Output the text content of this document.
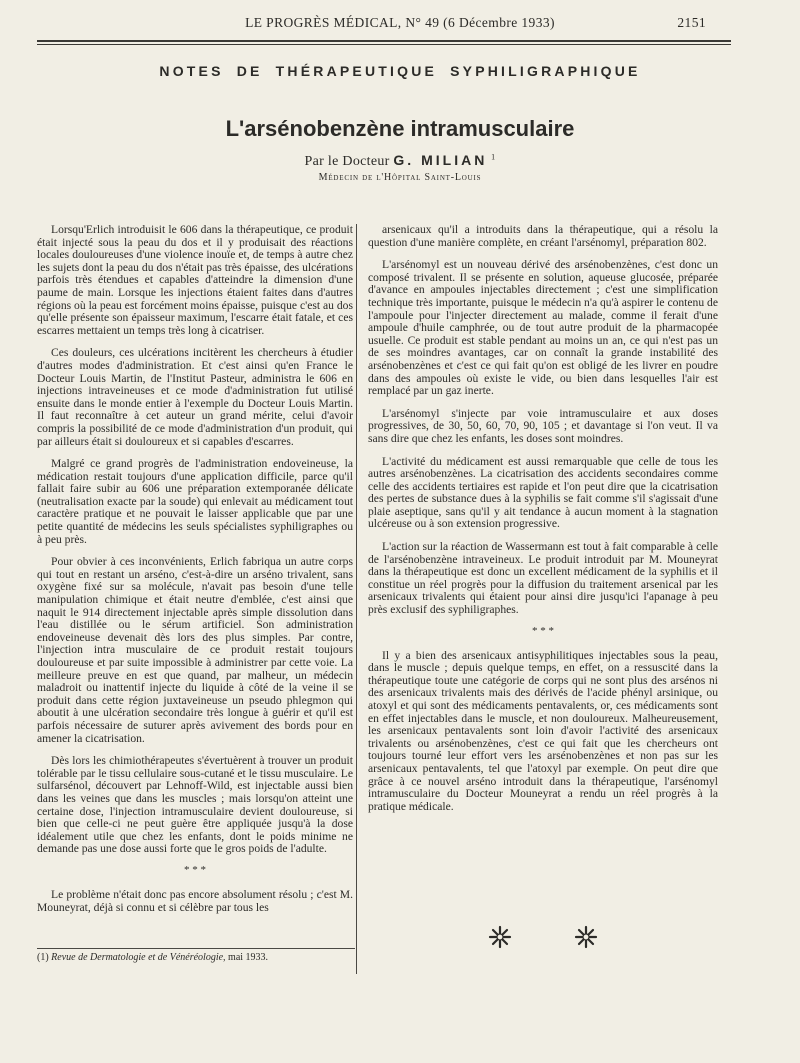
LE PROGRÈS MÉDICAL, N° 49 (6 Décembre 1933)	2151
NOTES DE THÉRAPEUTIQUE SYPHILIGRAPHIQUE
L'arsénobenzène intramusculaire
Par le Docteur G. MILIAN $^1$
Médecin de l'Hôpital Saint-Louis

Lorsqu'Erlich introduisit le 606 dans la thérapeutique, ce produit était injecté sous la peau du dos et il y produisait des réactions locales douloureuses d'une violence inouïe et, de temps à autre chez les sujets dont la peau du dos n'était pas très épaisse, des ulcérations parfois très étendues et capables d'atteindre la dimension d'une paume de main. Lorsque les injections étaient faites dans d'autres régions où la peau est forcément moins épaisse, puisque c'est au dos qu'elle présente son épaisseur maximum, l'escarre était fatale, et ces escarres mettaient un temps très long à cicatriser.

Ces douleurs, ces ulcérations incitèrent les chercheurs à étudier d'autres modes d'administration. Et c'est ainsi qu'en France le Docteur Louis Martin, de l'Institut Pasteur, administra le 606 en injections intraveineuses et ce mode d'administration fut utilisé ensuite dans le monde entier à l'exemple du Docteur Louis Martin. Il faut reconnaître à cet auteur un grand mérite, celui d'avoir compris la possibilité de ce mode d'administration d'un produit, qui par ailleurs était si douloureux et si capables d'escarres.

Malgré ce grand progrès de l'administration endoveineuse, la médication restait toujours d'une application difficile, parce qu'il fallait faire subir au 606 une préparation extemporanée délicate (neutralisation exacte par la soude) qui enlevait au médicament tout caractère pratique et ne pouvait le laisser applicable que par une petite quantité de médecins les seuls spécialistes syphiligraphes ou à peu près.

Pour obvier à ces inconvénients, Erlich fabriqua un autre corps qui tout en restant un arséno, c'est-à-dire un arséno trivalent, sans oxygène fixé sur sa molécule, n'avait pas besoin d'une telle manipulation chimique et était neutre d'emblée, c'est ainsi que naquit le 914 directement injectable après simple dissolution dans l'eau distillée ou le sérum artificiel. Son administration endoveineuse devenait dès lors des plus simples. Par contre, l'injection intra musculaire de ce produit restait toujours douloureuse et par suite impossible à administrer par cette voie. La meilleure preuve en est que quand, par malheur, un médecin maladroit ou inattentif injecte du liquide à côté de la veine il se produit dans cette région juxtaveineuse un pseudo phlegmon qui aboutit à une ulcération secondaire très longue à guérir et qu'il est parfois nécessaire de suturer après avivement des bords pour en amener la cicatrisation.

Dès lors les chimiothérapeutes s'évertuèrent à trouver un produit tolérable par le tissu cellulaire sous-cutané et le tissu musculaire. Le sulfarsénol, découvert par Lehnoff-Wild, est injectable aussi bien dans les veines que dans les muscles ; mais lorsqu'on atteint une certaine dose, l'injection intramusculaire devient douloureuse, si bien que celle-ci ne peut guère être appliquée jusqu'à la dose idéalement utile que chez les enfants, dont le poids minime ne demande pas une dose aussi forte que le gros poids de l'adulte.

* * *

Le problème n'était donc pas encore absolument résolu ; c'est M. Mouneyrat, déjà si connu et si célèbre par tous les

arsenicaux qu'il a introduits dans la thérapeutique, qui a résolu la question d'une manière complète, en créant l'arsénomyl, préparation 802.

L'arsénomyl est un nouveau dérivé des arsénobenzènes, c'est donc un composé trivalent. Il se présente en solution, aqueuse glucosée, préparée d'avance en ampoules injectables directement ; c'est une simplification technique très importante, puisque le médecin n'a qu'à aspirer le contenu de l'ampoule pour l'injecter directement au malade, comme il ferait d'une ampoule d'huile camphrée, ou de tout autre produit de la pharmacopée usuelle. Ce produit est stable pendant au moins un an, ce qui n'est pas un de ses moindres avantages, car on connaît la grande instabilité des arsénobenzènes et c'est ce qui fait qu'on est obligé de les livrer en poudre dans des ampoules où existe le vide, ou bien dans lesquelles l'air est remplacé par un gaz inerte.

L'arsénomyl s'injecte par voie intramusculaire et aux doses progressives, de 30, 50, 60, 70, 90, 105 ; et davantage si l'on veut. Il va sans dire que chez les enfants, les doses sont moindres.

L'activité du médicament est aussi remarquable que celle de tous les autres arsénobenzènes. La cicatrisation des accidents secondaires comme celle des accidents tertiaires est rapide et l'on peut dire que la cicatrisation des pertes de substance dues à la syphilis se fait comme s'il s'agissait d'une plaie aseptique, sans qu'il y ait tendance à aucun moment à la stagnation ulcéreuse ou à son extension progressive.

L'action sur la réaction de Wassermann est tout à fait comparable à celle de l'arsénobenzène intraveineux. Le produit introduit par M. Mouneyrat dans la thérapeutique est donc un excellent médicament de la syphilis et il constitue un réel progrès pour la diffusion du traitement arsenical par les arsenicaux trivalents qui étaient pour ainsi dire jusqu'ici l'apanage à peu près exclusif des syphiligraphes.

* * *

Il y a bien des arsenicaux antisyphilitiques injectables sous la peau, dans le muscle ; depuis quelque temps, en effet, on a ressuscité dans la thérapeutique toute une catégorie de corps qui ne sont plus des arsénos ni des arsenicaux trivalents mais des dérivés de l'acide phényl arsinique, ou atoxyl et qui sont des médicaments pentavalents, or, ces médicaments sont en effet injectables dans le muscle, et non douloureux. Malheureusement, les arsenicaux pentavalents sont loin d'avoir l'activité des arsenicaux trivalents ou arsénobenzènes, c'est ce qui fait que les chercheurs ont toujours tourné leur effort vers les arsénobenzènes et non pas sur les arsenicaux pentavalents, tel que l'atoxyl par exemple. On peut dire que grâce à ce nouvel arséno introduit dans la thérapeutique, l'arsénomyl intramusculaire du Docteur Mouneyrat a rendu un réel progrès à la pratique médicale.

(1) Revue de Dermatologie et de Vénéréologie, mai 1933.
